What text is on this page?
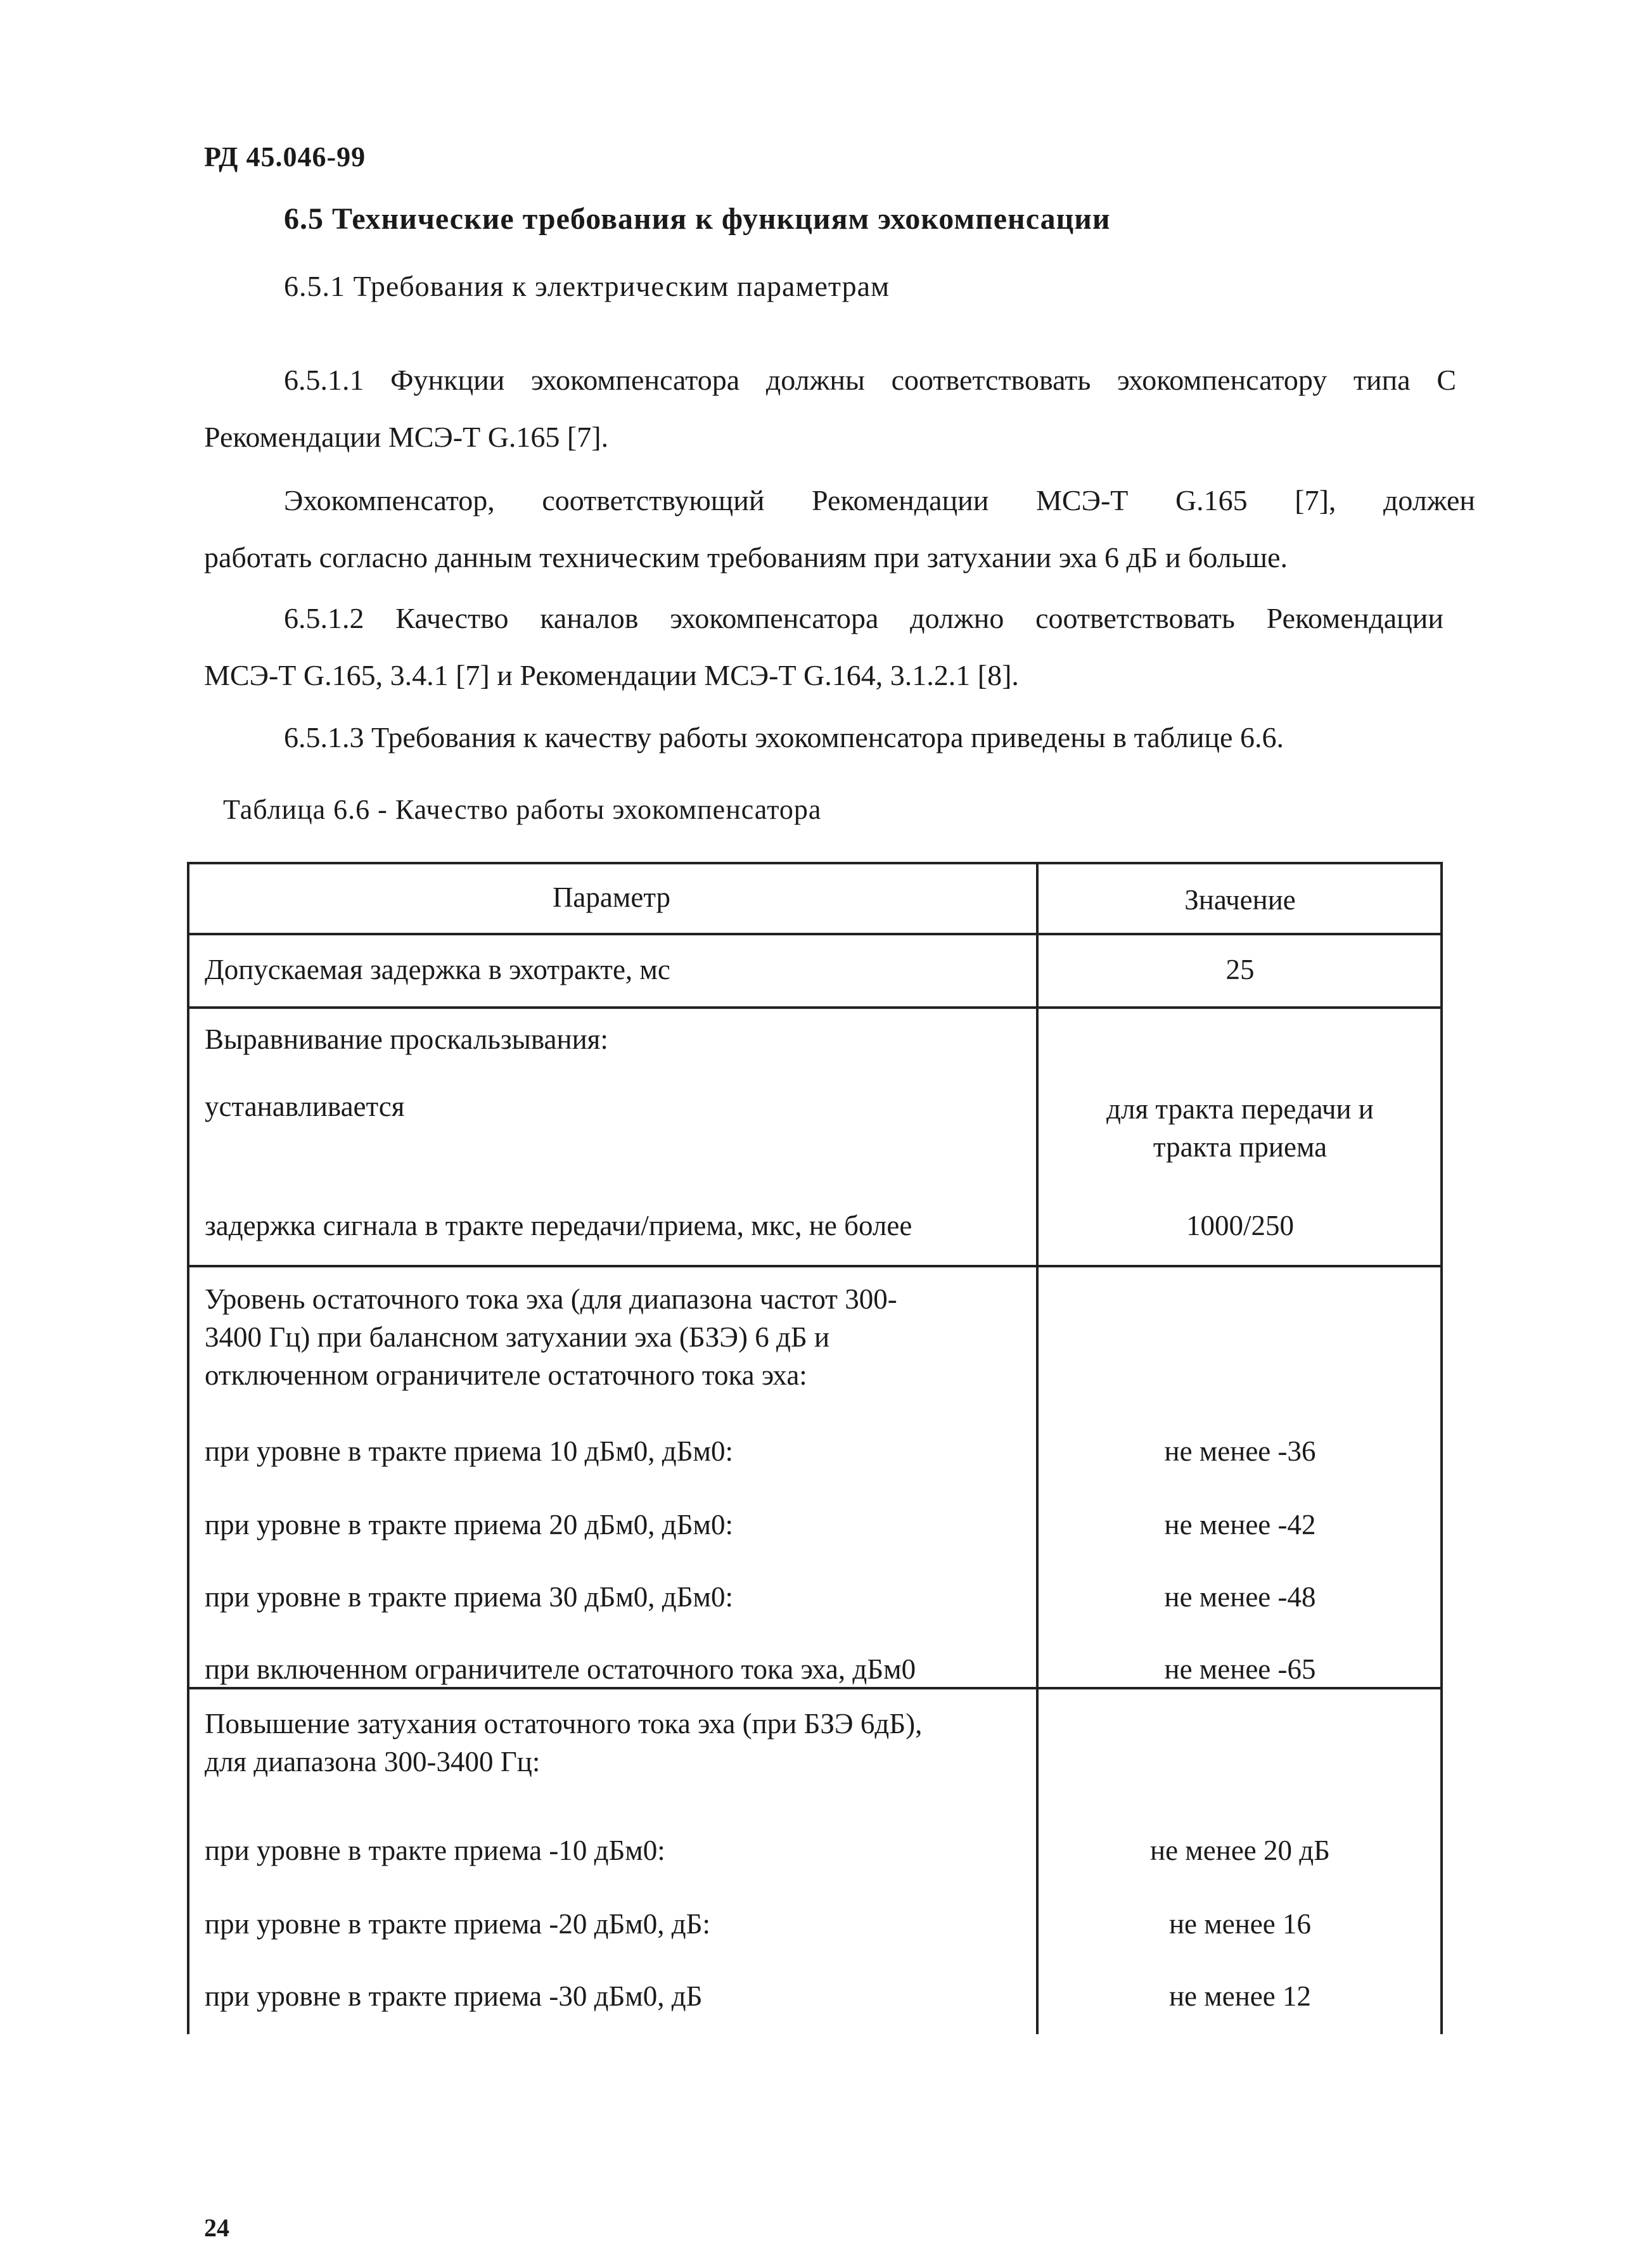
РД 45.046-99
6.5 Технические требования к функциям эхокомпенсации
6.5.1 Требования к электрическим параметрам
6.5.1.1 Функции эхокомпенсатора должны соответствовать эхокомпенсатору типа С
Рекомендации МСЭ-Т G.165 [7].
Эхокомпенсатор, соответствующий Рекомендации МСЭ-Т G.165 [7], должен
работать согласно данным техническим требованиям при затухании эха 6 дБ и больше.
6.5.1.2 Качество каналов эхокомпенсатора должно соответствовать Рекомендации
МСЭ-Т G.165, 3.4.1 [7] и Рекомендации МСЭ-Т G.164, 3.1.2.1 [8].
6.5.1.3 Требования к качеству работы эхокомпенсатора приведены в таблице 6.6.
Таблица 6.6 - Качество работы эхокомпенсатора
Параметр	Значение
Допускаемая задержка в эхотракте, мс	25
Выравнивание проскальзывания:
устанавливается	для тракта передачи и
тракта приема
задержка сигнала в тракте передачи/приема, мкс, не более	1000/250
Уровень остаточного тока эха (для диапазона частот 300-
3400 Гц) при балансном затухании эха (БЗЭ) 6 дБ и
отключенном ограничителе остаточного тока эха:
при уровне в тракте приема 10 дБм0, дБм0:	не менее -36
при уровне в тракте приема 20 дБм0, дБм0:	не менее -42
при уровне в тракте приема 30 дБм0, дБм0:	не менее -48
при включенном ограничителе остаточного тока эха, дБм0	не менее -65
Повышение затухания остаточного тока эха (при БЗЭ 6дБ),
для диапазона 300-3400 Гц:
при уровне в тракте приема -10 дБм0:	не менее 20 дБ
при уровне в тракте приема -20 дБм0, дБ:	не менее 16
при уровне в тракте приема -30 дБм0, дБ	не менее 12
24
